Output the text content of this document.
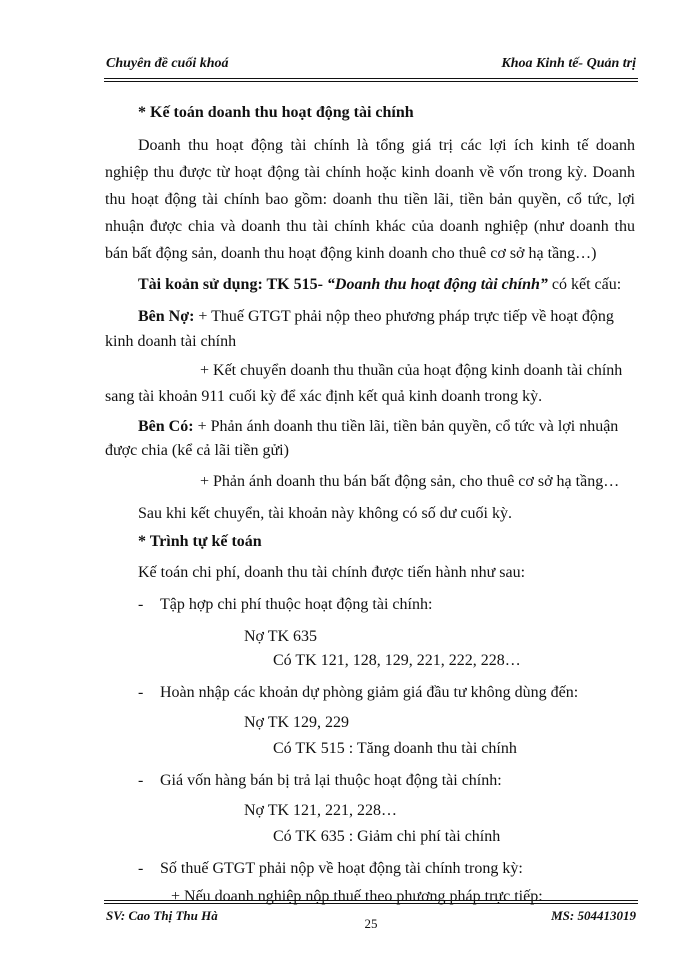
Chuyên đề cuối khoá	Khoa Kinh tế- Quản trị
* Kế toán doanh thu hoạt động tài chính
Doanh thu hoạt động tài chính là tổng giá trị các lợi ích kinh tế doanh
nghiệp thu được từ hoạt động tài chính hoặc kinh doanh về vốn trong kỳ. Doanh
thu hoạt động tài chính bao gồm: doanh thu tiền lãi, tiền bản quyền, cổ tức, lợi
nhuận được chia và doanh thu tài chính khác của doanh nghiệp (như doanh thu
bán bất động sản, doanh thu hoạt động kinh doanh cho thuê cơ sở hạ tầng…)
Tài koản sử dụng: TK 515- “Doanh thu hoạt động tài chính” có kết cấu:
Bên Nợ: + Thuế GTGT phải nộp theo phương pháp trực tiếp về hoạt động
kinh doanh tài chính
+ Kết chuyển doanh thu thuần của hoạt động kinh doanh tài chính
sang tài khoản 911 cuối kỳ để xác định kết quả kinh doanh trong kỳ.
Bên Có: + Phản ánh doanh thu tiền lãi, tiền bản quyền, cổ tức và lợi nhuận
được chia (kể cả lãi tiền gửi)
+ Phản ánh doanh thu bán bất động sản, cho thuê cơ sở hạ tầng…
Sau khi kết chuyển, tài khoản này không có số dư cuối kỳ.
* Trình tự kế toán
Kế toán chi phí, doanh thu tài chính được tiến hành như sau:
- Tập hợp chi phí thuộc hoạt động tài chính:
Nợ TK 635
Có TK 121, 128, 129, 221, 222, 228…
- Hoàn nhập các khoản dự phòng giảm giá đầu tư không dùng đến:
Nợ TK 129, 229
Có TK 515 : Tăng doanh thu tài chính
- Giá vốn hàng bán bị trả lại thuộc hoạt động tài chính:
Nợ TK 121, 221, 228…
Có TK 635 : Giảm chi phí tài chính
- Số thuế GTGT phải nộp về hoạt động tài chính trong kỳ:
+ Nếu doanh nghiệp nộp thuế theo phương pháp trực tiếp:
SV: Cao Thị Thu Hà
25
MS: 504413019
